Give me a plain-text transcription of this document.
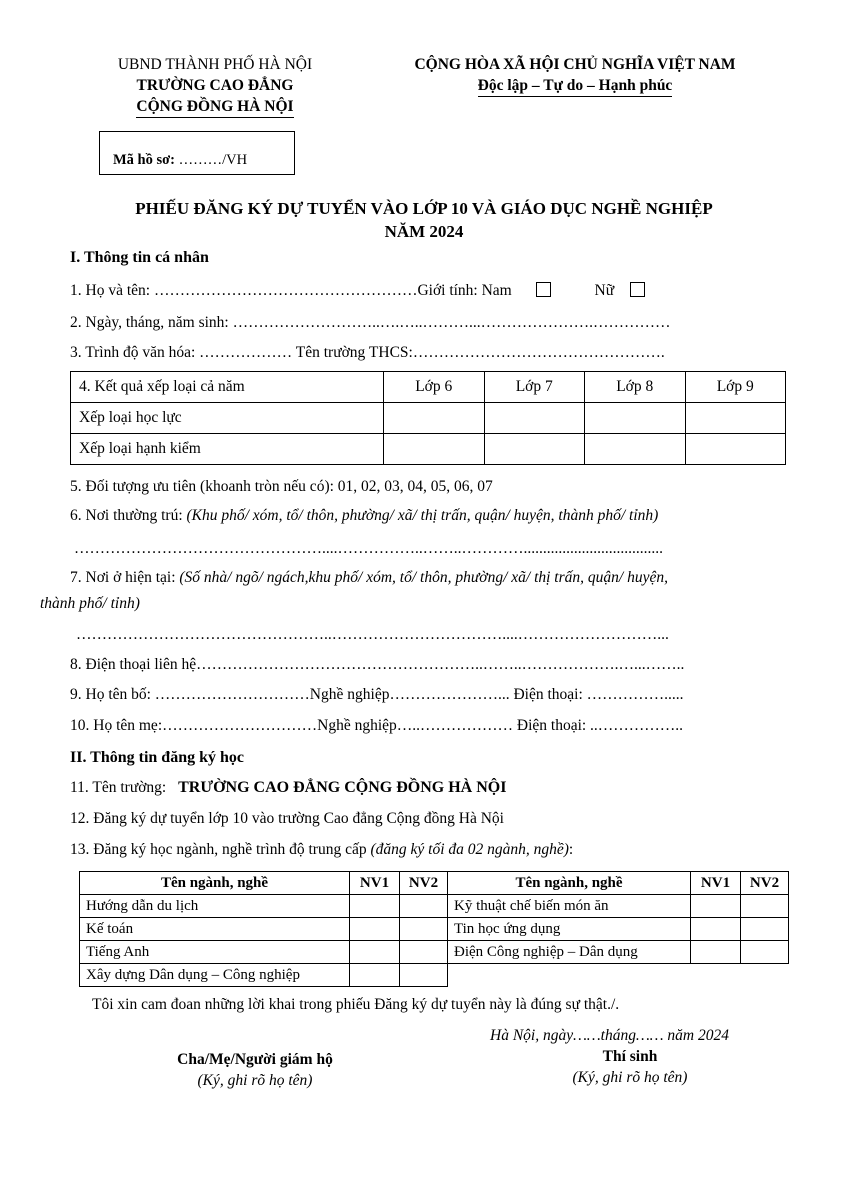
UBND THÀNH PHỐ HÀ NỘI
TRƯỜNG CAO ĐẲNG
CỘNG ĐỒNG HÀ NỘI
CỘNG HÒA XÃ HỘI CHỦ NGHĨA VIỆT NAM
Độc lập – Tự do – Hạnh phúc
Mã hồ sơ: ………/VH
PHIẾU ĐĂNG KÝ DỰ TUYỂN VÀO LỚP 10 VÀ GIÁO DỤC NGHỀ NGHIỆP
NĂM 2024
I. Thông tin cá nhân
1. Họ và tên: ……………………………………………Giới tính: Nam	Nữ
2. Ngày, tháng, năm sinh: ………………………..….…..………...………………….……………
3. Trình độ văn hóa: ……………… Tên trường THCS:………………………………………….
4. Kết quả xếp loại cả năm	Lớp 6	Lớp 7	Lớp 8	Lớp 9
Xếp loại học lực				
Xếp loại hạnh kiểm				
5. Đối tượng ưu tiên (khoanh tròn nếu có): 01, 02, 03, 04, 05, 06, 07
6. Nơi thường trú: (Khu phố/ xóm, tổ/ thôn, phường/ xã/ thị trấn, quận/ huyện, thành phố/ tỉnh)
…………………………………………....……………..……..…………....................................
7. Nơi ở hiện tại: (Số nhà/ ngõ/ ngách,khu phố/ xóm, tổ/ thôn, phường/ xã/ thị trấn, quận/ huyện,
thành phố/ tỉnh)
…………………………………………..……………………………....………………………...
8. Điện thoại liên hệ………………………………………………..……..……………….…...……..
9. Họ tên bố: …………………………Nghề nghiệp…………………... Điện thoại: …………….....
10. Họ tên mẹ:…………………………Nghề nghiệp…..……………… Điện thoại: ..……………..
II. Thông tin đăng ký học
11. Tên trường: TRƯỜNG CAO ĐẲNG CỘNG ĐỒNG HÀ NỘI
12. Đăng ký dự tuyển lớp 10 vào trường Cao đẳng Cộng đồng Hà Nội
13. Đăng ký học ngành, nghề trình độ trung cấp (đăng ký tối đa 02 ngành, nghề):
Tên ngành, nghề	NV1	NV2	Tên ngành, nghề	NV1	NV2
Hướng dẫn du lịch			Kỹ thuật chế biến món ăn		
Kế toán			Tin học ứng dụng		
Tiếng Anh			Điện Công nghiệp – Dân dụng		
Xây dựng Dân dụng – Công nghiệp					
Tôi xin cam đoan những lời khai trong phiếu Đăng ký dự tuyển này là đúng sự thật./.
Hà Nội, ngày……tháng…… năm 2024
Cha/Mẹ/Người giám hộ
(Ký, ghi rõ họ tên)
Thí sinh
(Ký, ghi rõ họ tên)
